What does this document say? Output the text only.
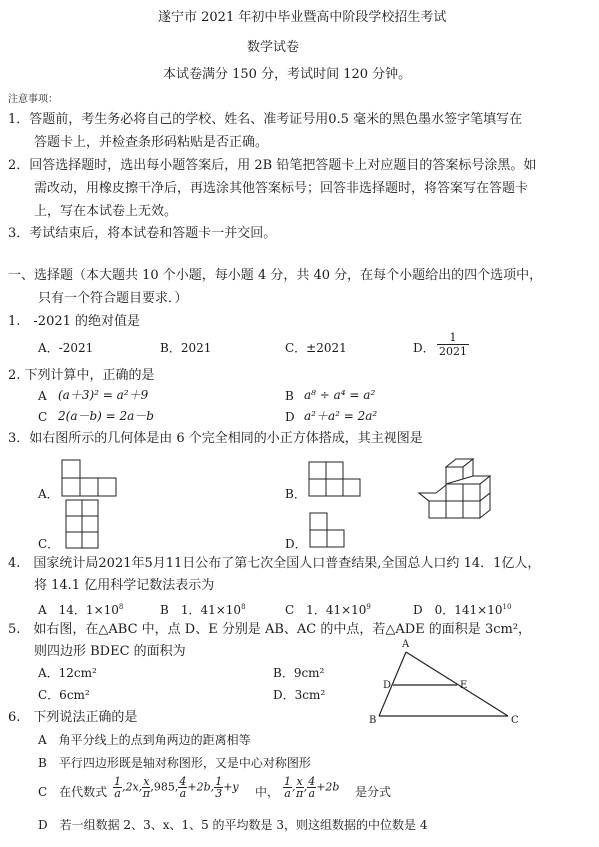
遂宁市 2021 年初中毕业暨高中阶段学校招生考试
数学试卷
本试卷满分 150 分，考试时间 120 分钟。
注意事项：
1．答题前，考生务必将自己的学校、姓名、准考证号用0.5 毫米的黑色墨水签字笔填写在
答题卡上，并检查条形码粘贴是否正确。
2．回答选择题时，选出每小题答案后，用 2B 铅笔把答题卡上对应题目的答案标号涂黑。如
需改动，用橡皮擦干净后，再选涂其他答案标号；回答非选择题时，将答案写在答题卡
上，写在本试卷上无效。
3．考试结束后，将本试卷和答题卡一并交回。
一、选择题（本大题共 10 个小题，每小题 4 分，共 40 分，在每个小题给出的四个选项中，
只有一个符合题目要求．）
1.　-2021 的绝对值是
A．-2021	B．2021	C．±2021	D． $\frac{1}{2021}$
2. 下列计算中，正确的是
A (a＋3)² = a²＋9	B a⁸ ÷ a⁴ = a²
C 2(a－b) = 2a－b	D a²＋a² = 2a²
3．如右图所示的几何体是由 6 个完全相同的小正方体搭成，其主视图是
A．	B．
C．	D．
4.　国家统计局2021年5月11日公布了第七次全国人口普查结果,全国总人口约 14．1亿人，
将 14.1 亿用科学记数法表示为
A　14．$1\times 10^8$	B　1．$41\times 10^8$	C　1．$41\times 10^9$	D　0．$141\times 10^{10}$
5.　如右图，在△ABC 中，点 D、E 分别是 AB、AC 的中点，若△ADE 的面积是 3cm²，
则四边形 BDEC 的面积为
A．12cm²	B．9cm²
C．6cm²	D．3cm²
A
D	E
B	C
6.　下列说法正确的是
A　角平分线上的点到角两边的距离相等
B　平行四边形既是轴对称图形，又是中心对称图形
C　在代数式 $\frac{1}{a} ,2x$, $\frac{x}{\pi} ,985$, $\frac{4}{a} +2b$, $\frac{1}{3} +y$ 中， $\frac{1}{a}$ , $\frac{x}{\pi}$ , $\frac{4}{a} +2b$ 是分式
D　若一组数据 2、3、x、1、5 的平均数是 3，则这组数据的中位数是 4
